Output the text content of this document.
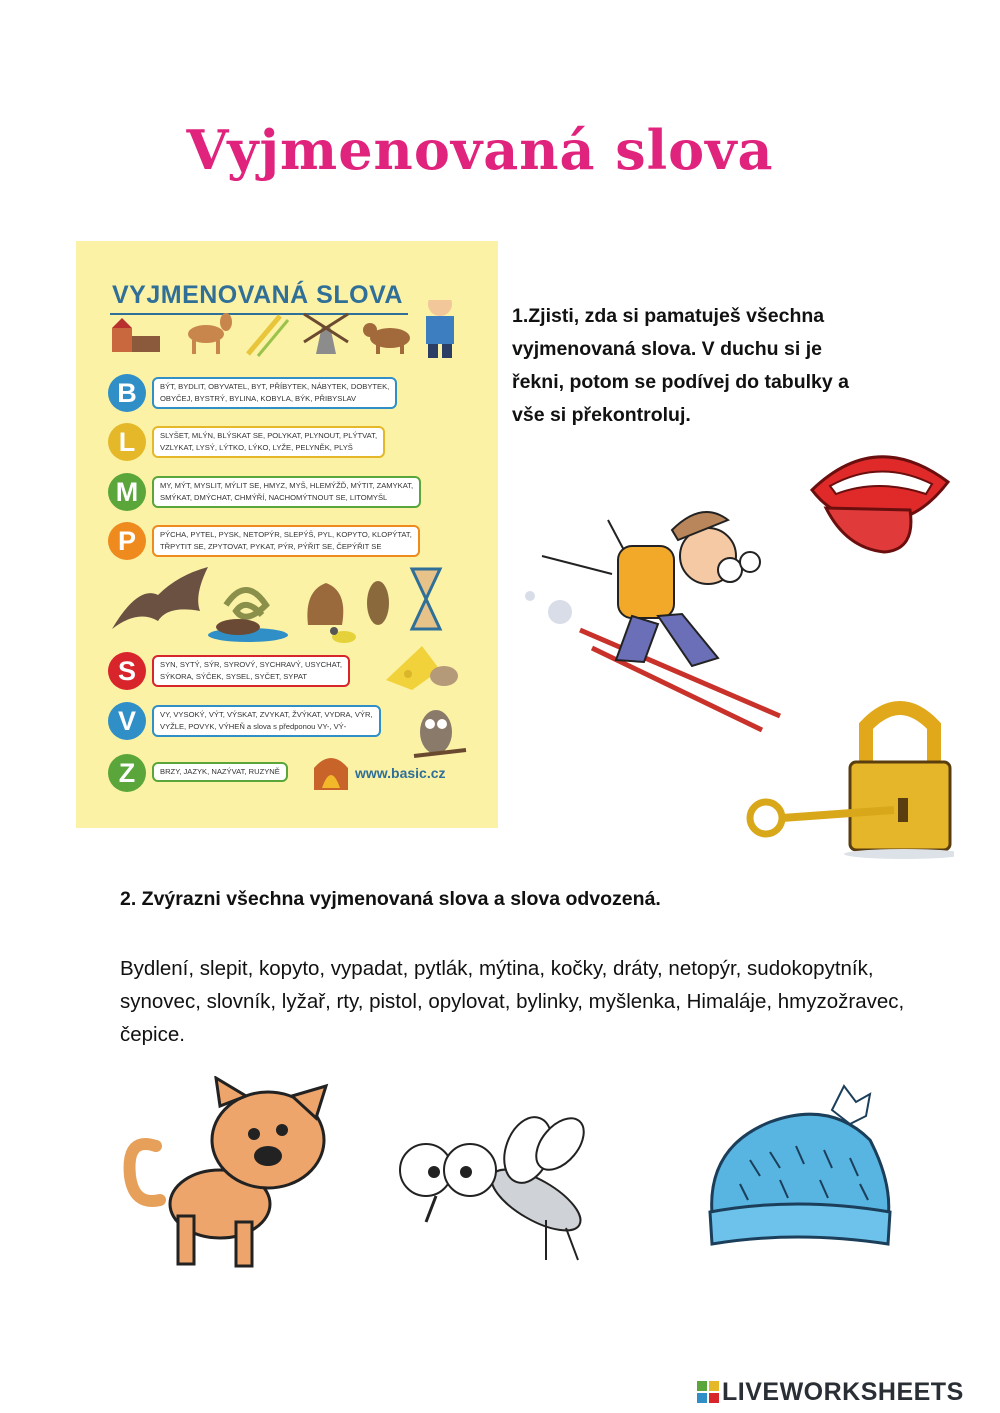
Vyjmenovaná slova
VYJMENOVANÁ SLOVA
B	BÝT, BYDLIT, OBYVATEL, BYT, PŘÍBYTEK, NÁBYTEK, DOBYTEK,
OBYČEJ, BYSTRÝ, BYLINA, KOBYLA, BÝK, PŘIBYSLAV
L	SLYŠET, MLÝN, BLÝSKAT SE, POLYKAT, PLYNOUT, PLÝTVAT,
VZLYKAT, LYSÝ, LÝTKO, LÝKO, LYŽE, PELYNĚK, PLYŠ
M	MY, MÝT, MYSLIT, MÝLIT SE, HMYZ, MYŠ, HLEMÝŽĎ, MÝTIT, ZAMYKAT,
SMÝKAT, DMÝCHAT, CHMÝŘÍ, NACHOMÝTNOUT SE, LITOMYŠL
P	PÝCHA, PYTEL, PYSK, NETOPÝR, SLEPÝŠ, PYL, KOPYTO, KLOPÝTAT,
TŘPYTIT SE, ZPYTOVAT, PYKAT, PÝR, PÝŘIT SE, ČEPÝŘIT SE
S	SYN, SYTÝ, SÝR, SYROVÝ, SYCHRAVÝ, USYCHAT,
SÝKORA, SÝČEK, SYSEL, SYČET, SYPAT
V	VY, VYSOKÝ, VÝT, VÝSKAT, ZVYKAT, ŽVÝKAT, VYDRA, VÝR,
VYŽLE, POVYK, VÝHEŇ a slova s předponou VY-, VÝ-
Z	BRZY, JAZYK, NAZÝVAT, RUZYNĚ	www.basic.cz
1.Zjisti, zda si pamatuješ všechna vyjmenovaná slova. V duchu si je řekni, potom se podívej do tabulky a vše si překontroluj.
2. Zvýrazni všechna vyjmenovaná slova a slova odvozená.
Bydlení, slepit, kopyto, vypadat, pytlák, mýtina, kočky, dráty, netopýr, sudokopytník, synovec, slovník, lyžař, rty, pistol, opylovat, bylinky, myšlenka, Himaláje, hmyzožravec, čepice.
LIVEWORKSHEETS
